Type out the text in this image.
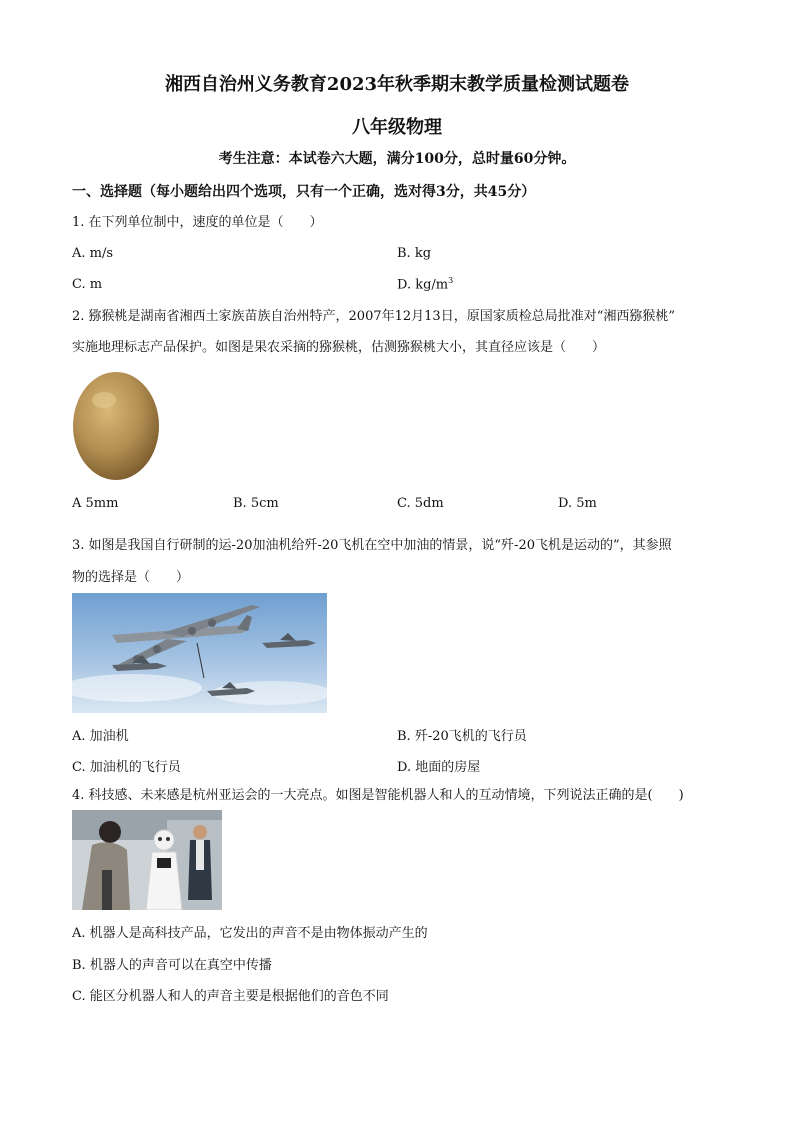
湘西自治州义务教育2023年秋季期末教学质量检测试题卷
八年级物理
考生注意：本试卷六大题，满分100分，总时量60分钟。
一、选择题（每小题给出四个选项，只有一个正确，选对得3分，共45分）
1. 在下列单位制中，速度的单位是（　　）
A. m/s	B. kg
C. m	D. $kg/m^3$
2. 猕猴桃是湖南省湘西土家族苗族自治州特产，2007年12月13日，原国家质检总局批准对“湘西猕猴桃”
实施地理标志产品保护。如图是果农采摘的猕猴桃，估测猕猴桃大小，其直径应该是（　　）
A 5mm	B. 5cm	C. 5dm	D. 5m
3. 如图是我国自行研制的运-20加油机给歼-20飞机在空中加油的情景，说“歼-20飞机是运动的”，其参照
物的选择是（　　）
A. 加油机	B. 歼-20飞机的飞行员
C. 加油机的飞行员	D. 地面的房屋
4. 科技感、未来感是杭州亚运会的一大亮点。如图是智能机器人和人的互动情境，下列说法正确的是(　　)
A. 机器人是高科技产品，它发出的声音不是由物体振动产生的
B. 机器人的声音可以在真空中传播
C. 能区分机器人和人的声音主要是根据他们的音色不同
